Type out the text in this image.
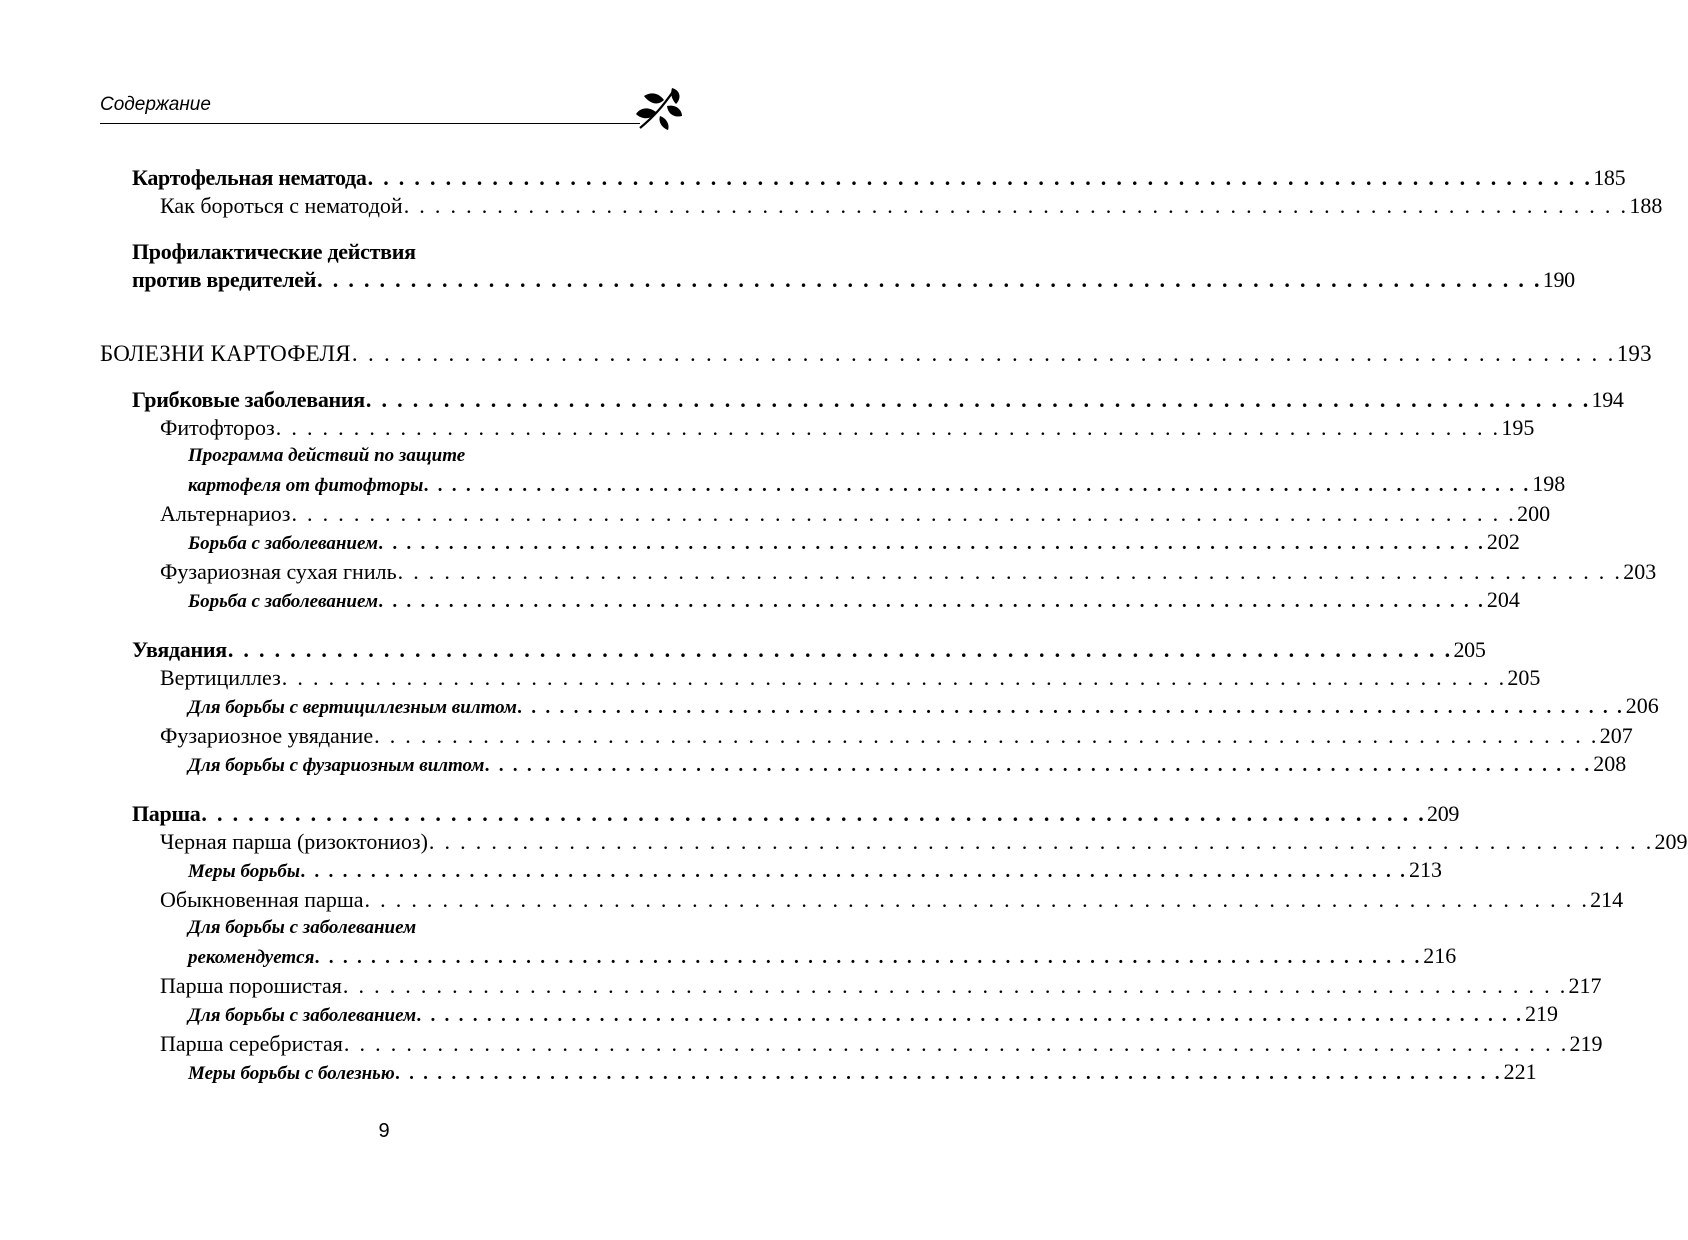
Содержание
Картофельная нематода . . . . . . . . . . . . . . . . . . . . . . . . . . . . . . . . . . . . . . . . . . . . . . . . . . . . . . . . . . . . . . . . . . . . . . . . . . . . . . . 185
Как бороться с нематодой . . . . . . . . . . . . . . . . . . . . . . . . . . . . . . . . . . . . . . . . . . . . . . . . . . . . . . . . . . . . . . . . . . . . . . . . . . . . . . . 188
Профилактические действия
против вредителей . . . . . . . . . . . . . . . . . . . . . . . . . . . . . . . . . . . . . . . . . . . . . . . . . . . . . . . . . . . . . . . . . . . . . . . . . . . . . . . 190
БОЛЕЗНИ КАРТОФЕЛЯ . . . . . . . . . . . . . . . . . . . . . . . . . . . . . . . . . . . . . . . . . . . . . . . . . . . . . . . . . . . . . . . . . . . . . . . . . . . . . . . 193
Грибковые заболевания . . . . . . . . . . . . . . . . . . . . . . . . . . . . . . . . . . . . . . . . . . . . . . . . . . . . . . . . . . . . . . . . . . . . . . . . . . . . . . . 194
Фитофтороз . . . . . . . . . . . . . . . . . . . . . . . . . . . . . . . . . . . . . . . . . . . . . . . . . . . . . . . . . . . . . . . . . . . . . . . . . . . . . . . 195
Программа действий по защите
картофеля от фитофторы . . . . . . . . . . . . . . . . . . . . . . . . . . . . . . . . . . . . . . . . . . . . . . . . . . . . . . . . . . . . . . . . . . . . . . . . . . . . . . . 198
Альтернариоз . . . . . . . . . . . . . . . . . . . . . . . . . . . . . . . . . . . . . . . . . . . . . . . . . . . . . . . . . . . . . . . . . . . . . . . . . . . . . . . 200
Борьба с заболеванием . . . . . . . . . . . . . . . . . . . . . . . . . . . . . . . . . . . . . . . . . . . . . . . . . . . . . . . . . . . . . . . . . . . . . . . . . . . . . . . 202
Фузариозная сухая гниль . . . . . . . . . . . . . . . . . . . . . . . . . . . . . . . . . . . . . . . . . . . . . . . . . . . . . . . . . . . . . . . . . . . . . . . . . . . . . . . 203
Борьба с заболеванием . . . . . . . . . . . . . . . . . . . . . . . . . . . . . . . . . . . . . . . . . . . . . . . . . . . . . . . . . . . . . . . . . . . . . . . . . . . . . . . 204
Увядания . . . . . . . . . . . . . . . . . . . . . . . . . . . . . . . . . . . . . . . . . . . . . . . . . . . . . . . . . . . . . . . . . . . . . . . . . . . . . . . 205
Вертициллез . . . . . . . . . . . . . . . . . . . . . . . . . . . . . . . . . . . . . . . . . . . . . . . . . . . . . . . . . . . . . . . . . . . . . . . . . . . . . . . 205
Для борьбы с вертициллезным вилтом . . . . . . . . . . . . . . . . . . . . . . . . . . . . . . . . . . . . . . . . . . . . . . . . . . . . . . . . . . . . . . . . . . . . . . . . . . . . . . . 206
Фузариозное увядание . . . . . . . . . . . . . . . . . . . . . . . . . . . . . . . . . . . . . . . . . . . . . . . . . . . . . . . . . . . . . . . . . . . . . . . . . . . . . . . 207
Для борьбы с фузариозным вилтом . . . . . . . . . . . . . . . . . . . . . . . . . . . . . . . . . . . . . . . . . . . . . . . . . . . . . . . . . . . . . . . . . . . . . . . . . . . . . . . 208
Парша . . . . . . . . . . . . . . . . . . . . . . . . . . . . . . . . . . . . . . . . . . . . . . . . . . . . . . . . . . . . . . . . . . . . . . . . . . . . . . . 209
Черная парша (ризоктониоз) . . . . . . . . . . . . . . . . . . . . . . . . . . . . . . . . . . . . . . . . . . . . . . . . . . . . . . . . . . . . . . . . . . . . . . . . . . . . . . . 209
Меры борьбы . . . . . . . . . . . . . . . . . . . . . . . . . . . . . . . . . . . . . . . . . . . . . . . . . . . . . . . . . . . . . . . . . . . . . . . . . . . . . . . 213
Обыкновенная парша . . . . . . . . . . . . . . . . . . . . . . . . . . . . . . . . . . . . . . . . . . . . . . . . . . . . . . . . . . . . . . . . . . . . . . . . . . . . . . . 214
Для борьбы с заболеванием
рекомендуется . . . . . . . . . . . . . . . . . . . . . . . . . . . . . . . . . . . . . . . . . . . . . . . . . . . . . . . . . . . . . . . . . . . . . . . . . . . . . . . 216
Парша порошистая . . . . . . . . . . . . . . . . . . . . . . . . . . . . . . . . . . . . . . . . . . . . . . . . . . . . . . . . . . . . . . . . . . . . . . . . . . . . . . . 217
Для борьбы с заболеванием . . . . . . . . . . . . . . . . . . . . . . . . . . . . . . . . . . . . . . . . . . . . . . . . . . . . . . . . . . . . . . . . . . . . . . . . . . . . . . . 219
Парша серебристая . . . . . . . . . . . . . . . . . . . . . . . . . . . . . . . . . . . . . . . . . . . . . . . . . . . . . . . . . . . . . . . . . . . . . . . . . . . . . . . 219
Меры борьбы с болезнью . . . . . . . . . . . . . . . . . . . . . . . . . . . . . . . . . . . . . . . . . . . . . . . . . . . . . . . . . . . . . . . . . . . . . . . . . . . . . . . 221
9
